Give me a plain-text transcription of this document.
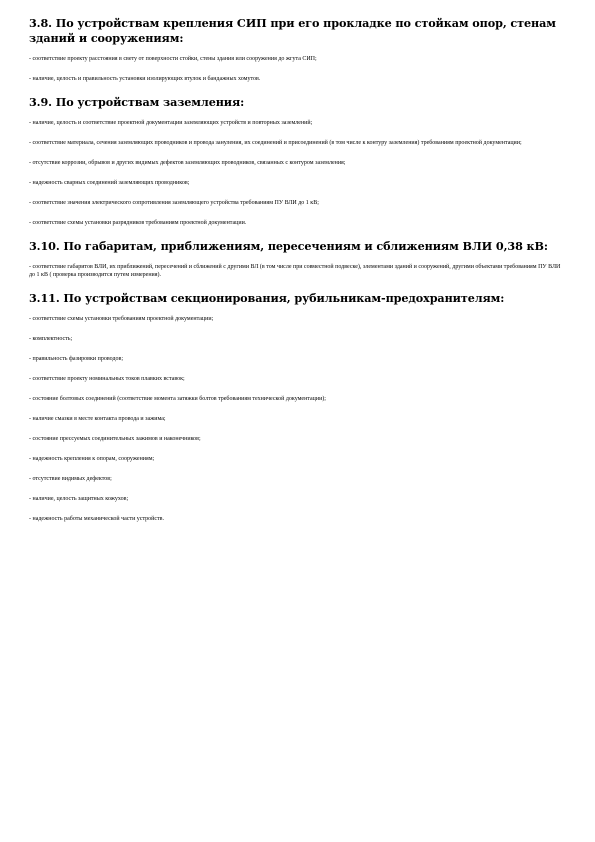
3.8. По устройствам крепления СИП при его прокладке по стойкам опор, стенам зданий и сооружениям:

- соответствие проекту расстояния в свету от поверхности стойки, стены здания или сооружения до жгута СИП;

- наличие, целость и правильность установки изолирующих втулок и бандажных хомутов.

3.9. По устройствам заземления:

- наличие, целость и соответствие проектной документации заземляющих устройств и повторных заземлений;

- соответствие материала, сечения заземляющих проводников и провода зануления, их соединений и присоединений (в том числе к контуру заземления) требованиям проектной документации;

- отсутствие коррозии, обрывов и других видимых дефектов заземляющих проводников, связанных с контуром заземления;

- надежность сварных соединений заземляющих проводников;

- соответствие значения электрического сопротивления заземляющего устройства требованиям ПУ ВЛИ до 1 кВ;

- соответствие схемы установки разрядников требованиям проектной документации.

3.10. По габаритам, приближениям, пересечениям и сближениям ВЛИ 0,38 кВ:

- соответствие габаритов ВЛИ, их приближений, пересечений и сближений с другими ВЛ (в том числе при совместной подвеске), элементами зданий и сооружений, другими объектами требованиям ПУ ВЛИ до 1 кВ ( проверка производится путем измерения).

3.11. По устройствам секционирования, рубильникам-предохранителям:

- соответствие схемы установки требованиям проектной документации;

- комплектность;

- правильность фазировки проводов;

- соответствие проекту номинальных токов плавких вставок;

- состояние болтовых соединений (соответствие момента затяжки болтов требованиям технической документации);

- наличие смазки в месте контакта провода и зажима;

- состояние прессуемых соединительных зажимов и наконечников;

- надежность крепления к опорам, сооружениям;

- отсутствие видимых дефектов;

- наличие, целость защитных кожухов;

- надежность работы механической части устройств.
